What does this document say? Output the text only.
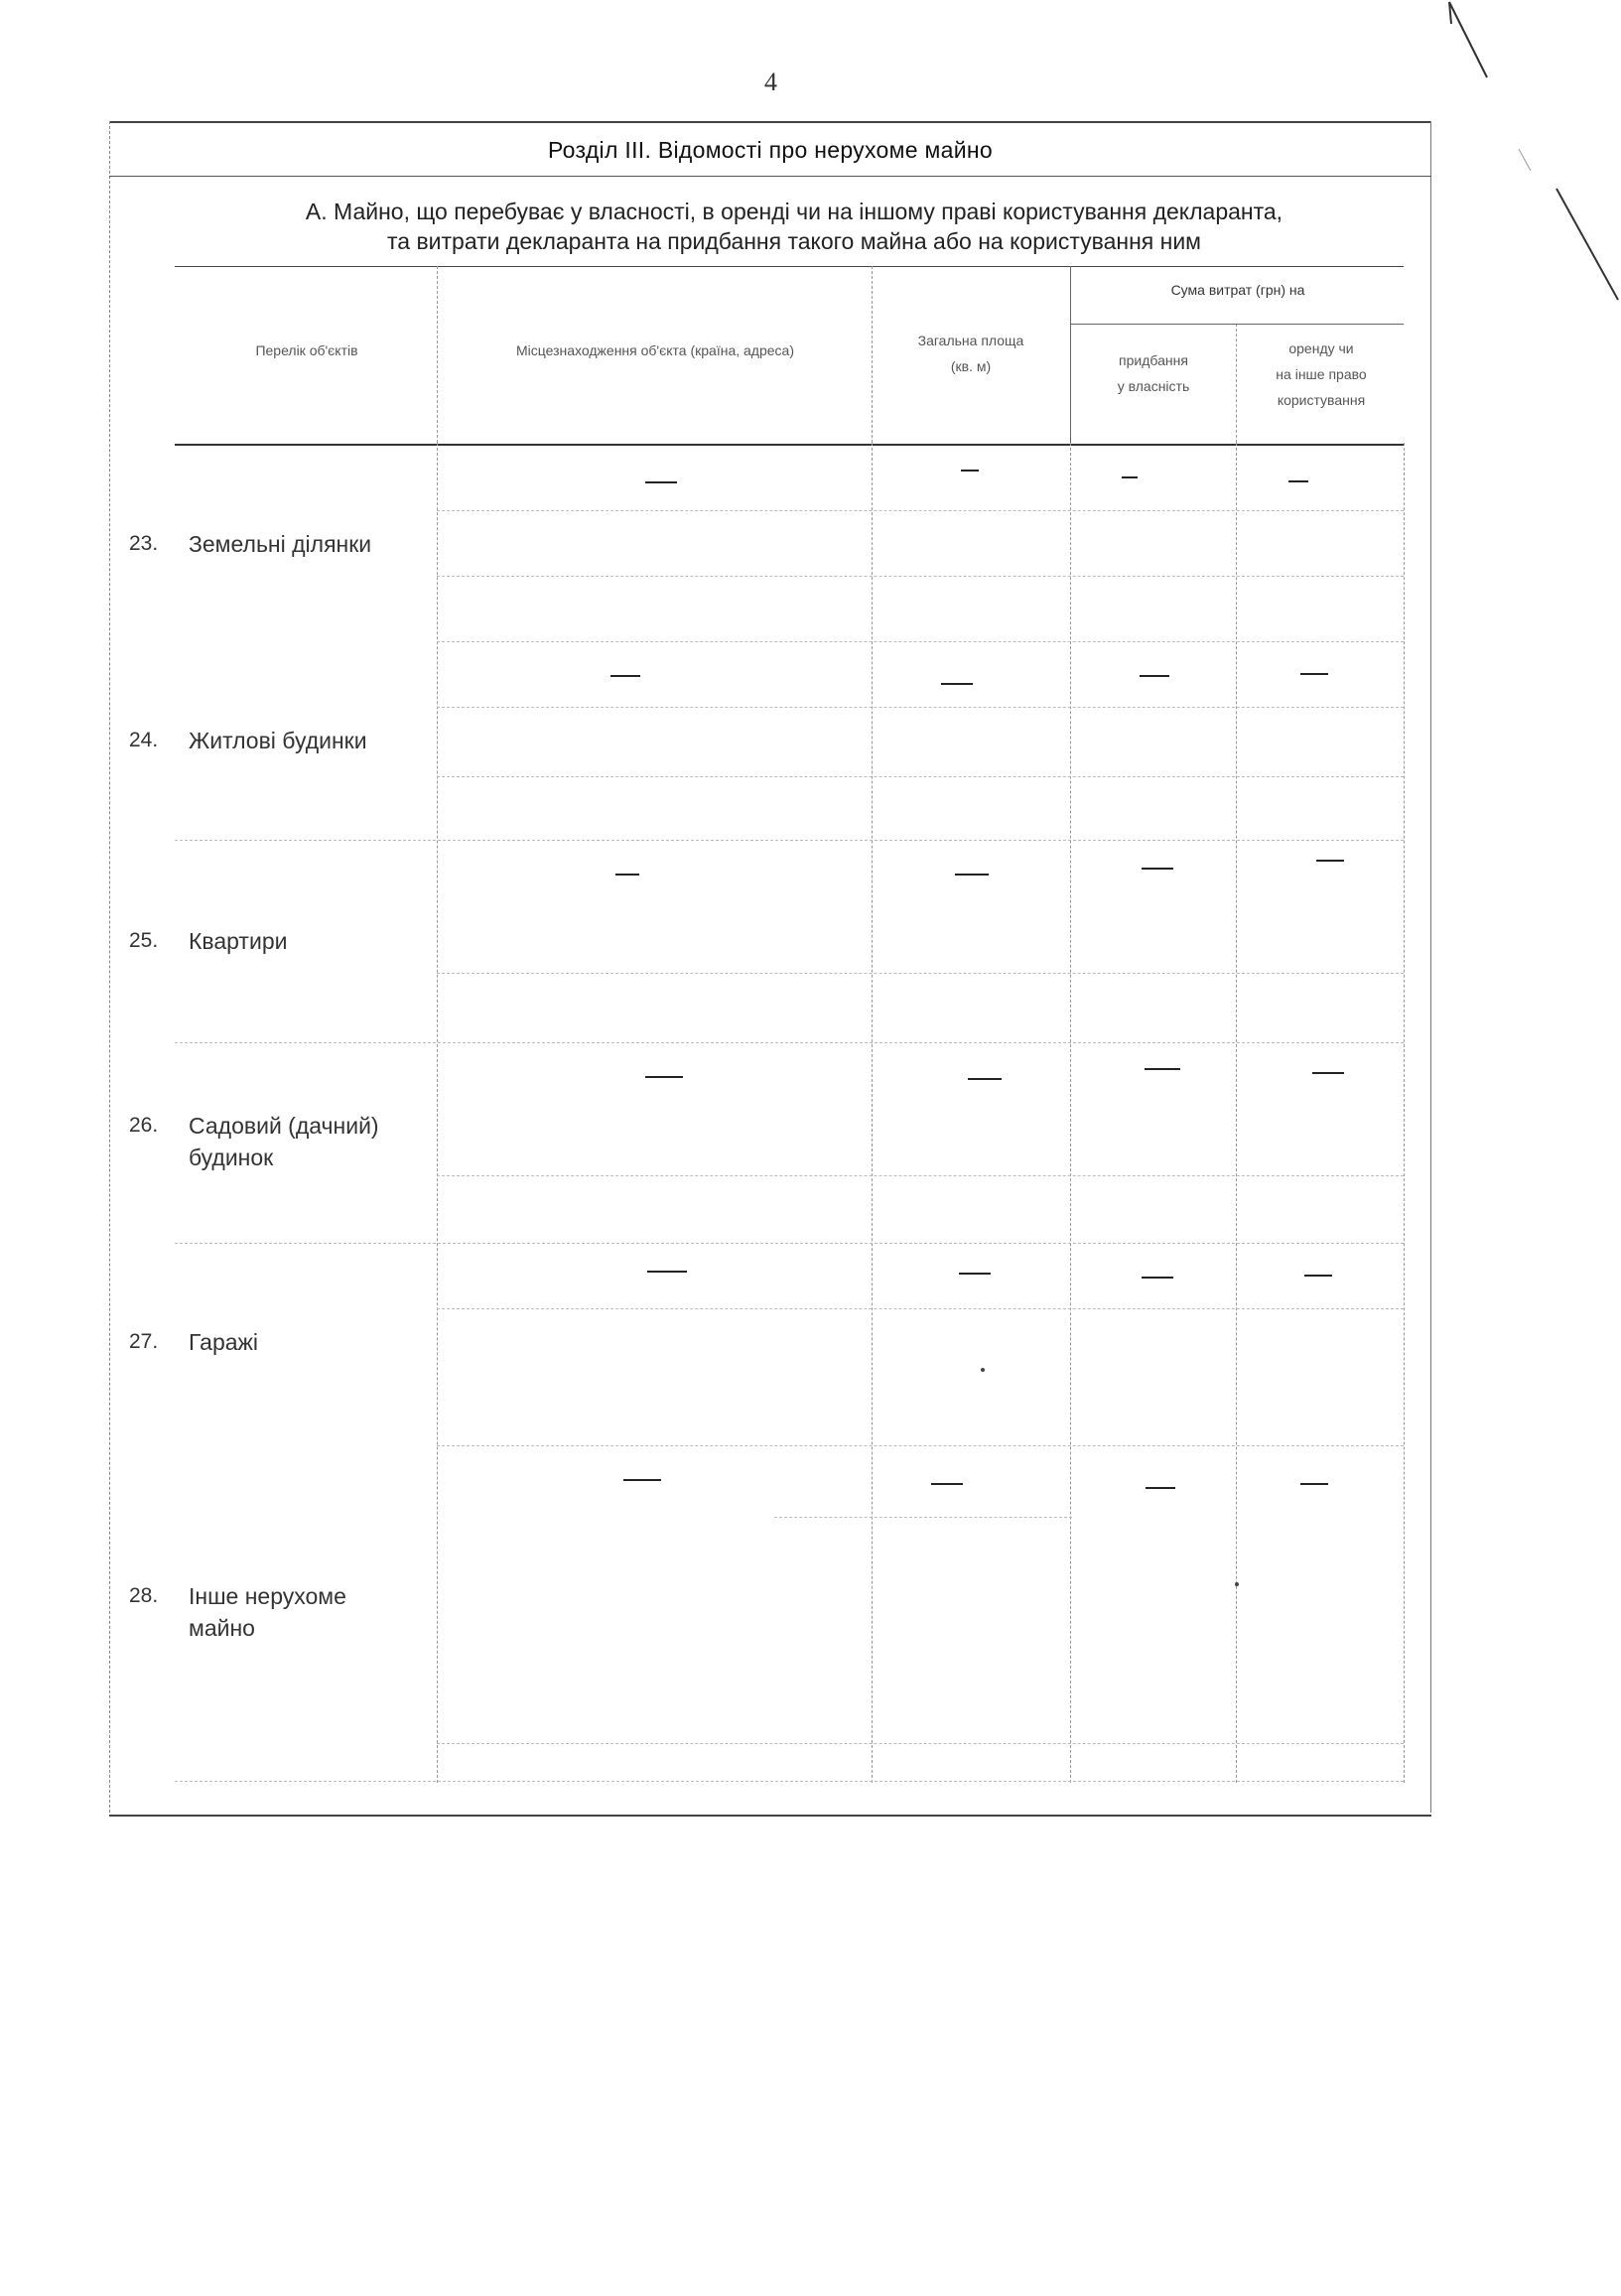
4
Розділ III. Відомості про нерухоме майно
А. Майно, що перебуває у власності, в оренді чи на іншому праві користування декларанта,
та витрати декларанта на придбання такого майна або на користування ним
Перелік об'єктів	Місцезнаходження об'єкта (країна, адреса)
Загальна площа
(кв. м)
Сума витрат (грн) на
придбання
у власність
оренду чи
на інше право
користування
23. Земельні ділянки
24. Житлові будинки
25. Квартири
26. Садовий (дачний)
будинок
27. Гаражі
28. Інше нерухоме
майно
